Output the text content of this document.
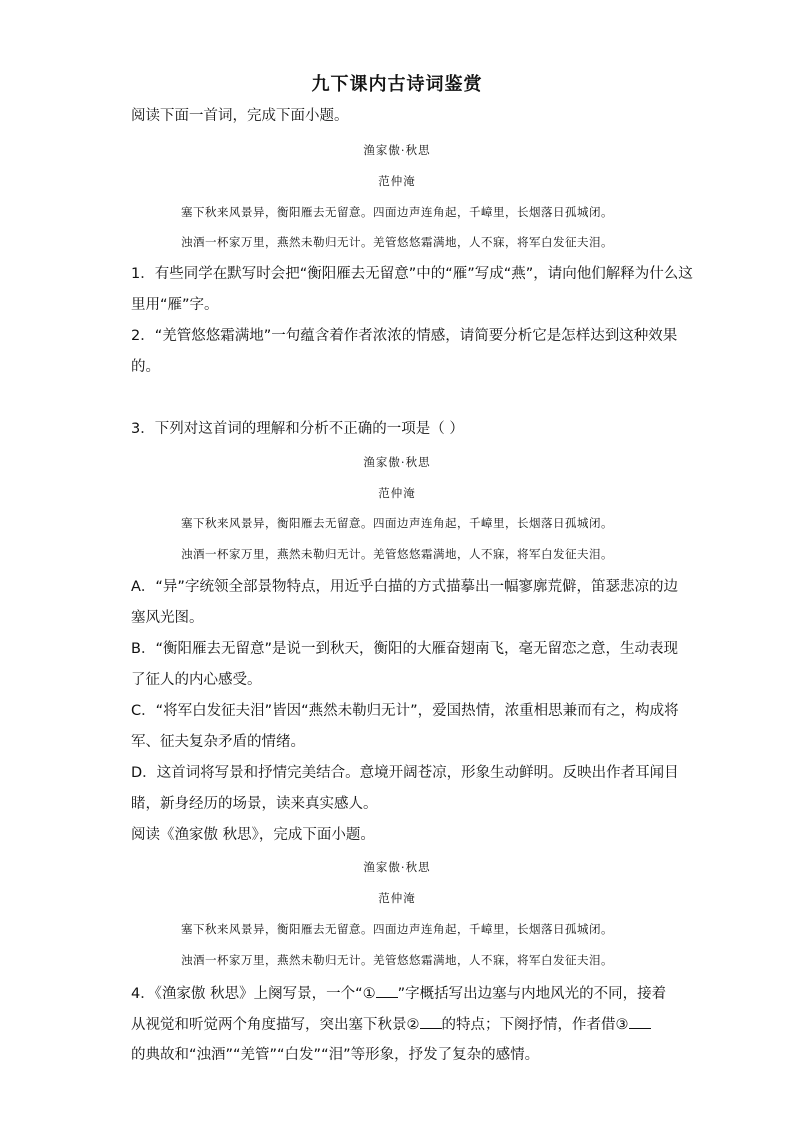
九下课内古诗词鉴赏
阅读下面一首词，完成下面小题。
渔家傲·秋思
范仲淹
塞下秋来风景异，衡阳雁去无留意。四面边声连角起，千嶂里，长烟落日孤城闭。
浊酒一杯家万里，燕然未勒归无计。羌管悠悠霜满地，人不寐，将军白发征夫泪。
1．有些同学在默写时会把“衡阳雁去无留意”中的“雁”写成“燕”，请向他们解释为什么这
里用“雁”字。
2．“羌管悠悠霜满地”一句蕴含着作者浓浓的情感，请简要分析它是怎样达到这种效果
的。
3．下列对这首词的理解和分析不正确的一项是（ ）
渔家傲·秋思
范仲淹
塞下秋来风景异，衡阳雁去无留意。四面边声连角起，千嶂里，长烟落日孤城闭。
浊酒一杯家万里，燕然未勒归无计。羌管悠悠霜满地，人不寐，将军白发征夫泪。
A．“异”字统领全部景物特点，用近乎白描的方式描摹出一幅寥廓荒僻，笛瑟悲凉的边
塞风光图。
B．“衡阳雁去无留意”是说一到秋天，衡阳的大雁奋翅南飞，毫无留恋之意，生动表现
了征人的内心感受。
C．“将军白发征夫泪”皆因“燕然未勒归无计”，爱国热情，浓重相思兼而有之，构成将
军、征夫复杂矛盾的情绪。
D．这首词将写景和抒情完美结合。意境开阔苍凉，形象生动鲜明。反映出作者耳闻目
睹，新身经历的场景，读来真实感人。
阅读《渔家傲 秋思》，完成下面小题。
渔家傲·秋思
范仲淹
塞下秋来风景异，衡阳雁去无留意。四面边声连角起，千嶂里，长烟落日孤城闭。
浊酒一杯家万里，燕然未勒归无计。羌管悠悠霜满地，人不寐，将军白发征夫泪。
4．《渔家傲 秋思》上阕写景，一个“① ”字概括写出边塞与内地风光的不同，接着
从视觉和听觉两个角度描写，突出塞下秋景② 的特点；下阕抒情，作者借③
的典故和“浊酒”“羌管”“白发”“泪”等形象，抒发了复杂的感情。
